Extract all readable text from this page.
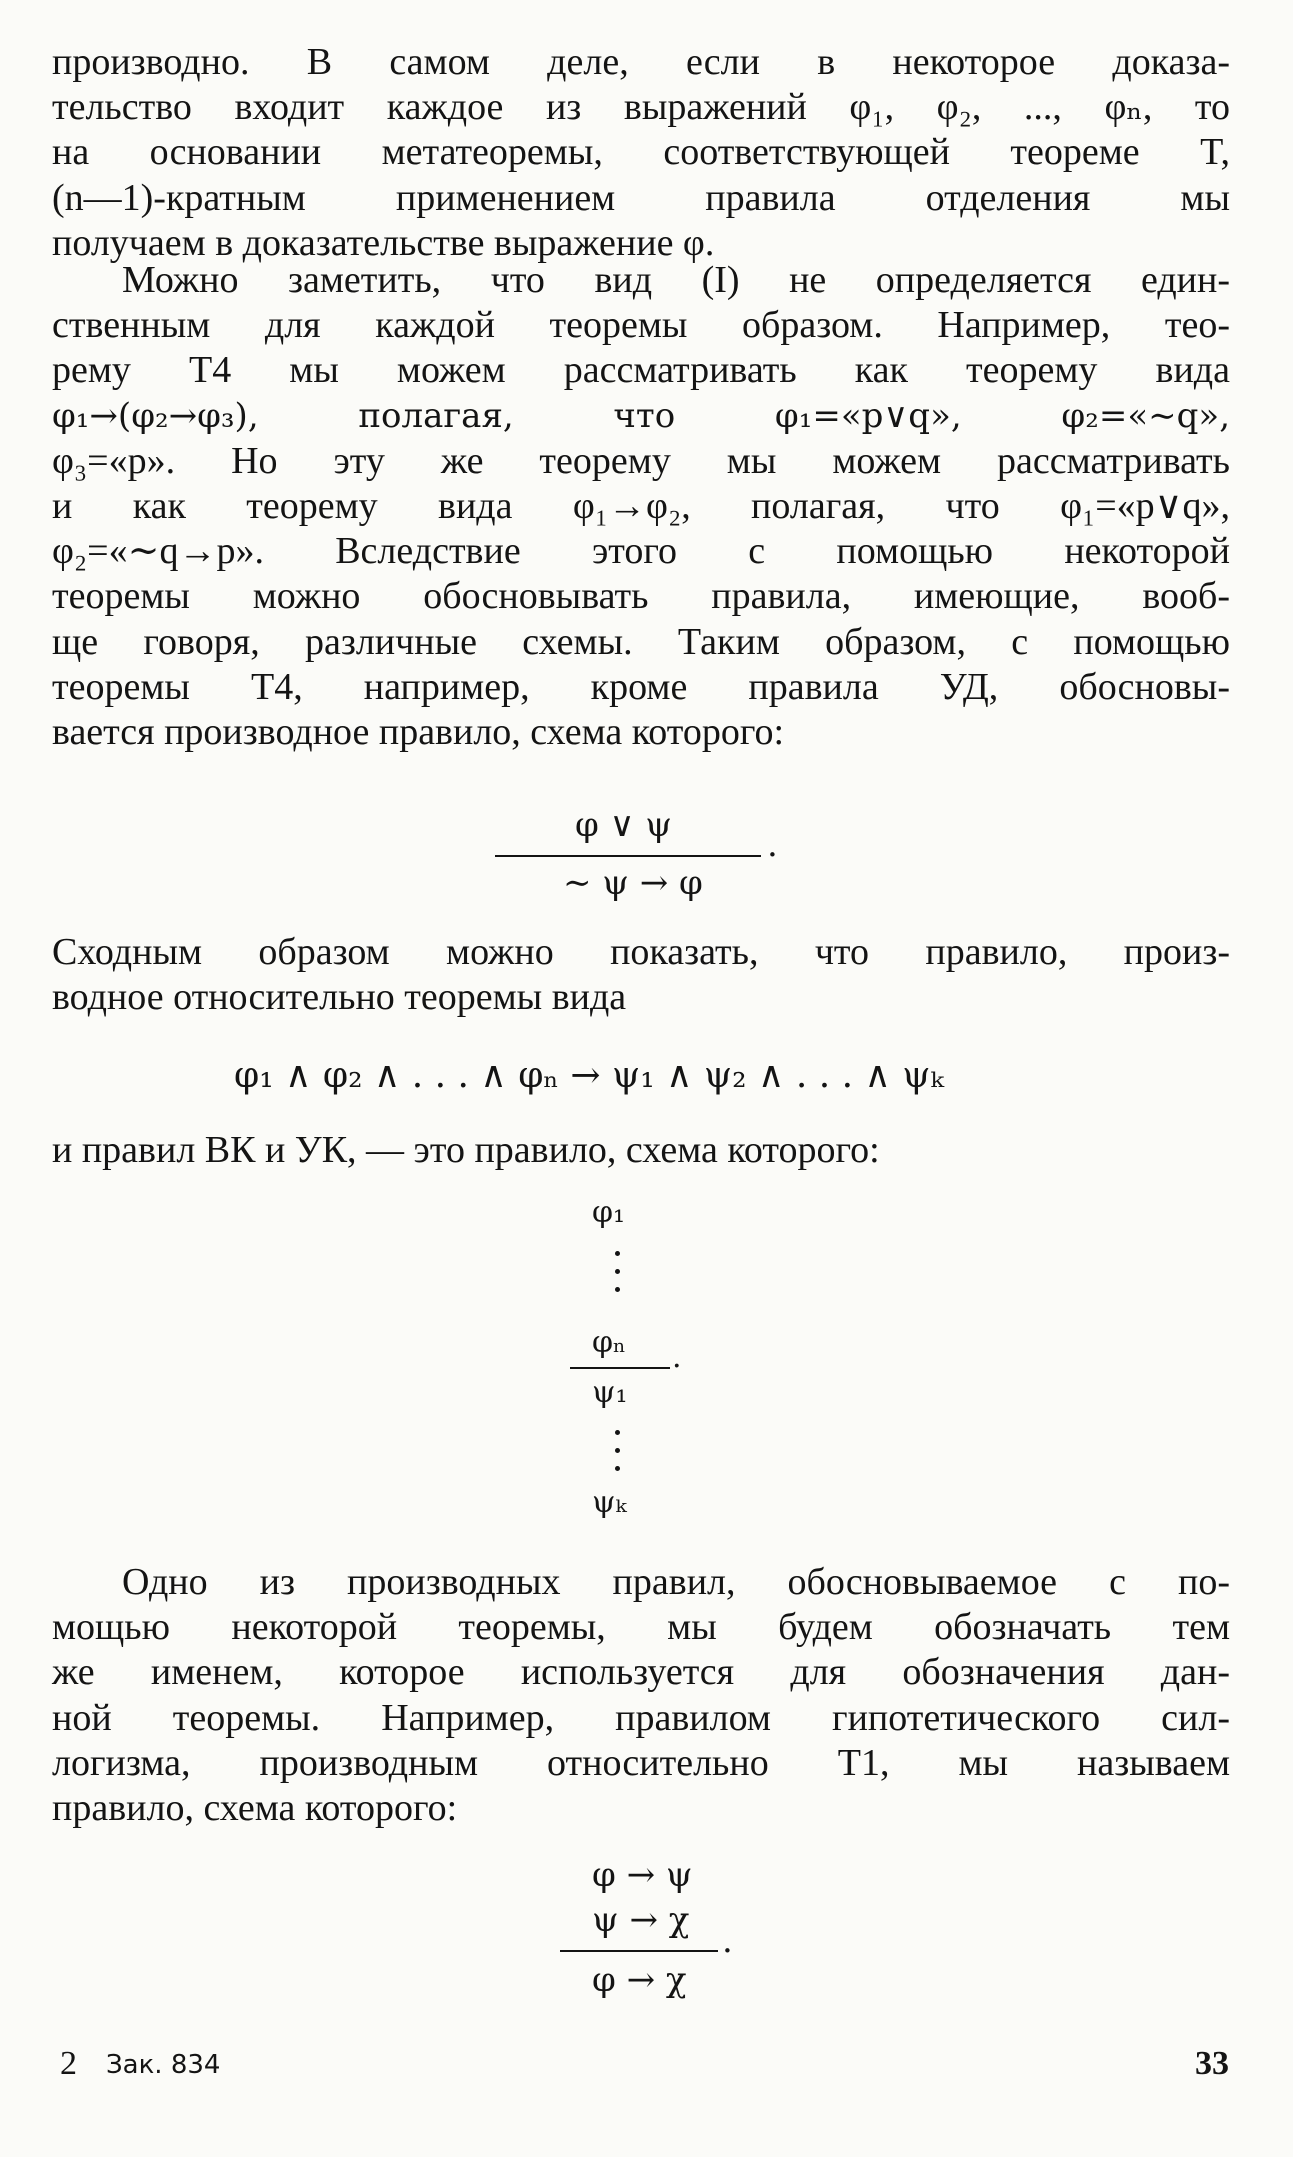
производно. В самом деле, если в некоторое доказа-
тельство входит каждое из выражений φ₁, φ₂, ..., φₙ, то
на основании метатеоремы, соответствующей теореме T,
(n—1)-кратным применением правила отделения мы
получаем в доказательстве выражение φ.
Можно заметить, что вид (I) не определяется един-
ственным для каждой теоремы образом. Например, тео-
рему T4 мы можем рассматривать как теорему вида
φ₁→(φ₂→φ₃), полагая, что φ₁=«p∨q», φ₂=«∼q»,
φ₃=«p». Но эту же теорему мы можем рассматривать
и как теорему вида φ₁→φ₂, полагая, что φ₁=«p∨q»,
φ₂=«∼q→p». Вследствие этого с помощью некоторой
теоремы можно обосновывать правила, имеющие, вооб-
ще говоря, различные схемы. Таким образом, с помощью
теоремы T4, например, кроме правила УД, обосновы-
вается производное правило, схема которого:
φ ∨ ψ	.
∼ ψ → φ
Сходным образом можно показать, что правило, произ-
водное относительно теоремы вида
φ₁ ∧ φ₂ ∧ . . . ∧ φₙ → ψ₁ ∧ ψ₂ ∧ . . . ∧ ψₖ
и правил ВК и УК, — это правило, схема которого:
φ₁
φₙ .
ψ₁
ψₖ
Одно из производных правил, обосновываемое с по-
мощью некоторой теоремы, мы будем обозначать тем
же именем, которое используется для обозначения дан-
ной теоремы. Например, правилом гипотетического сил-
логизма, производным относительно T1, мы называем
правило, схема которого:
φ → ψ
ψ → χ
.
φ → χ
2 Зак. 834	33
